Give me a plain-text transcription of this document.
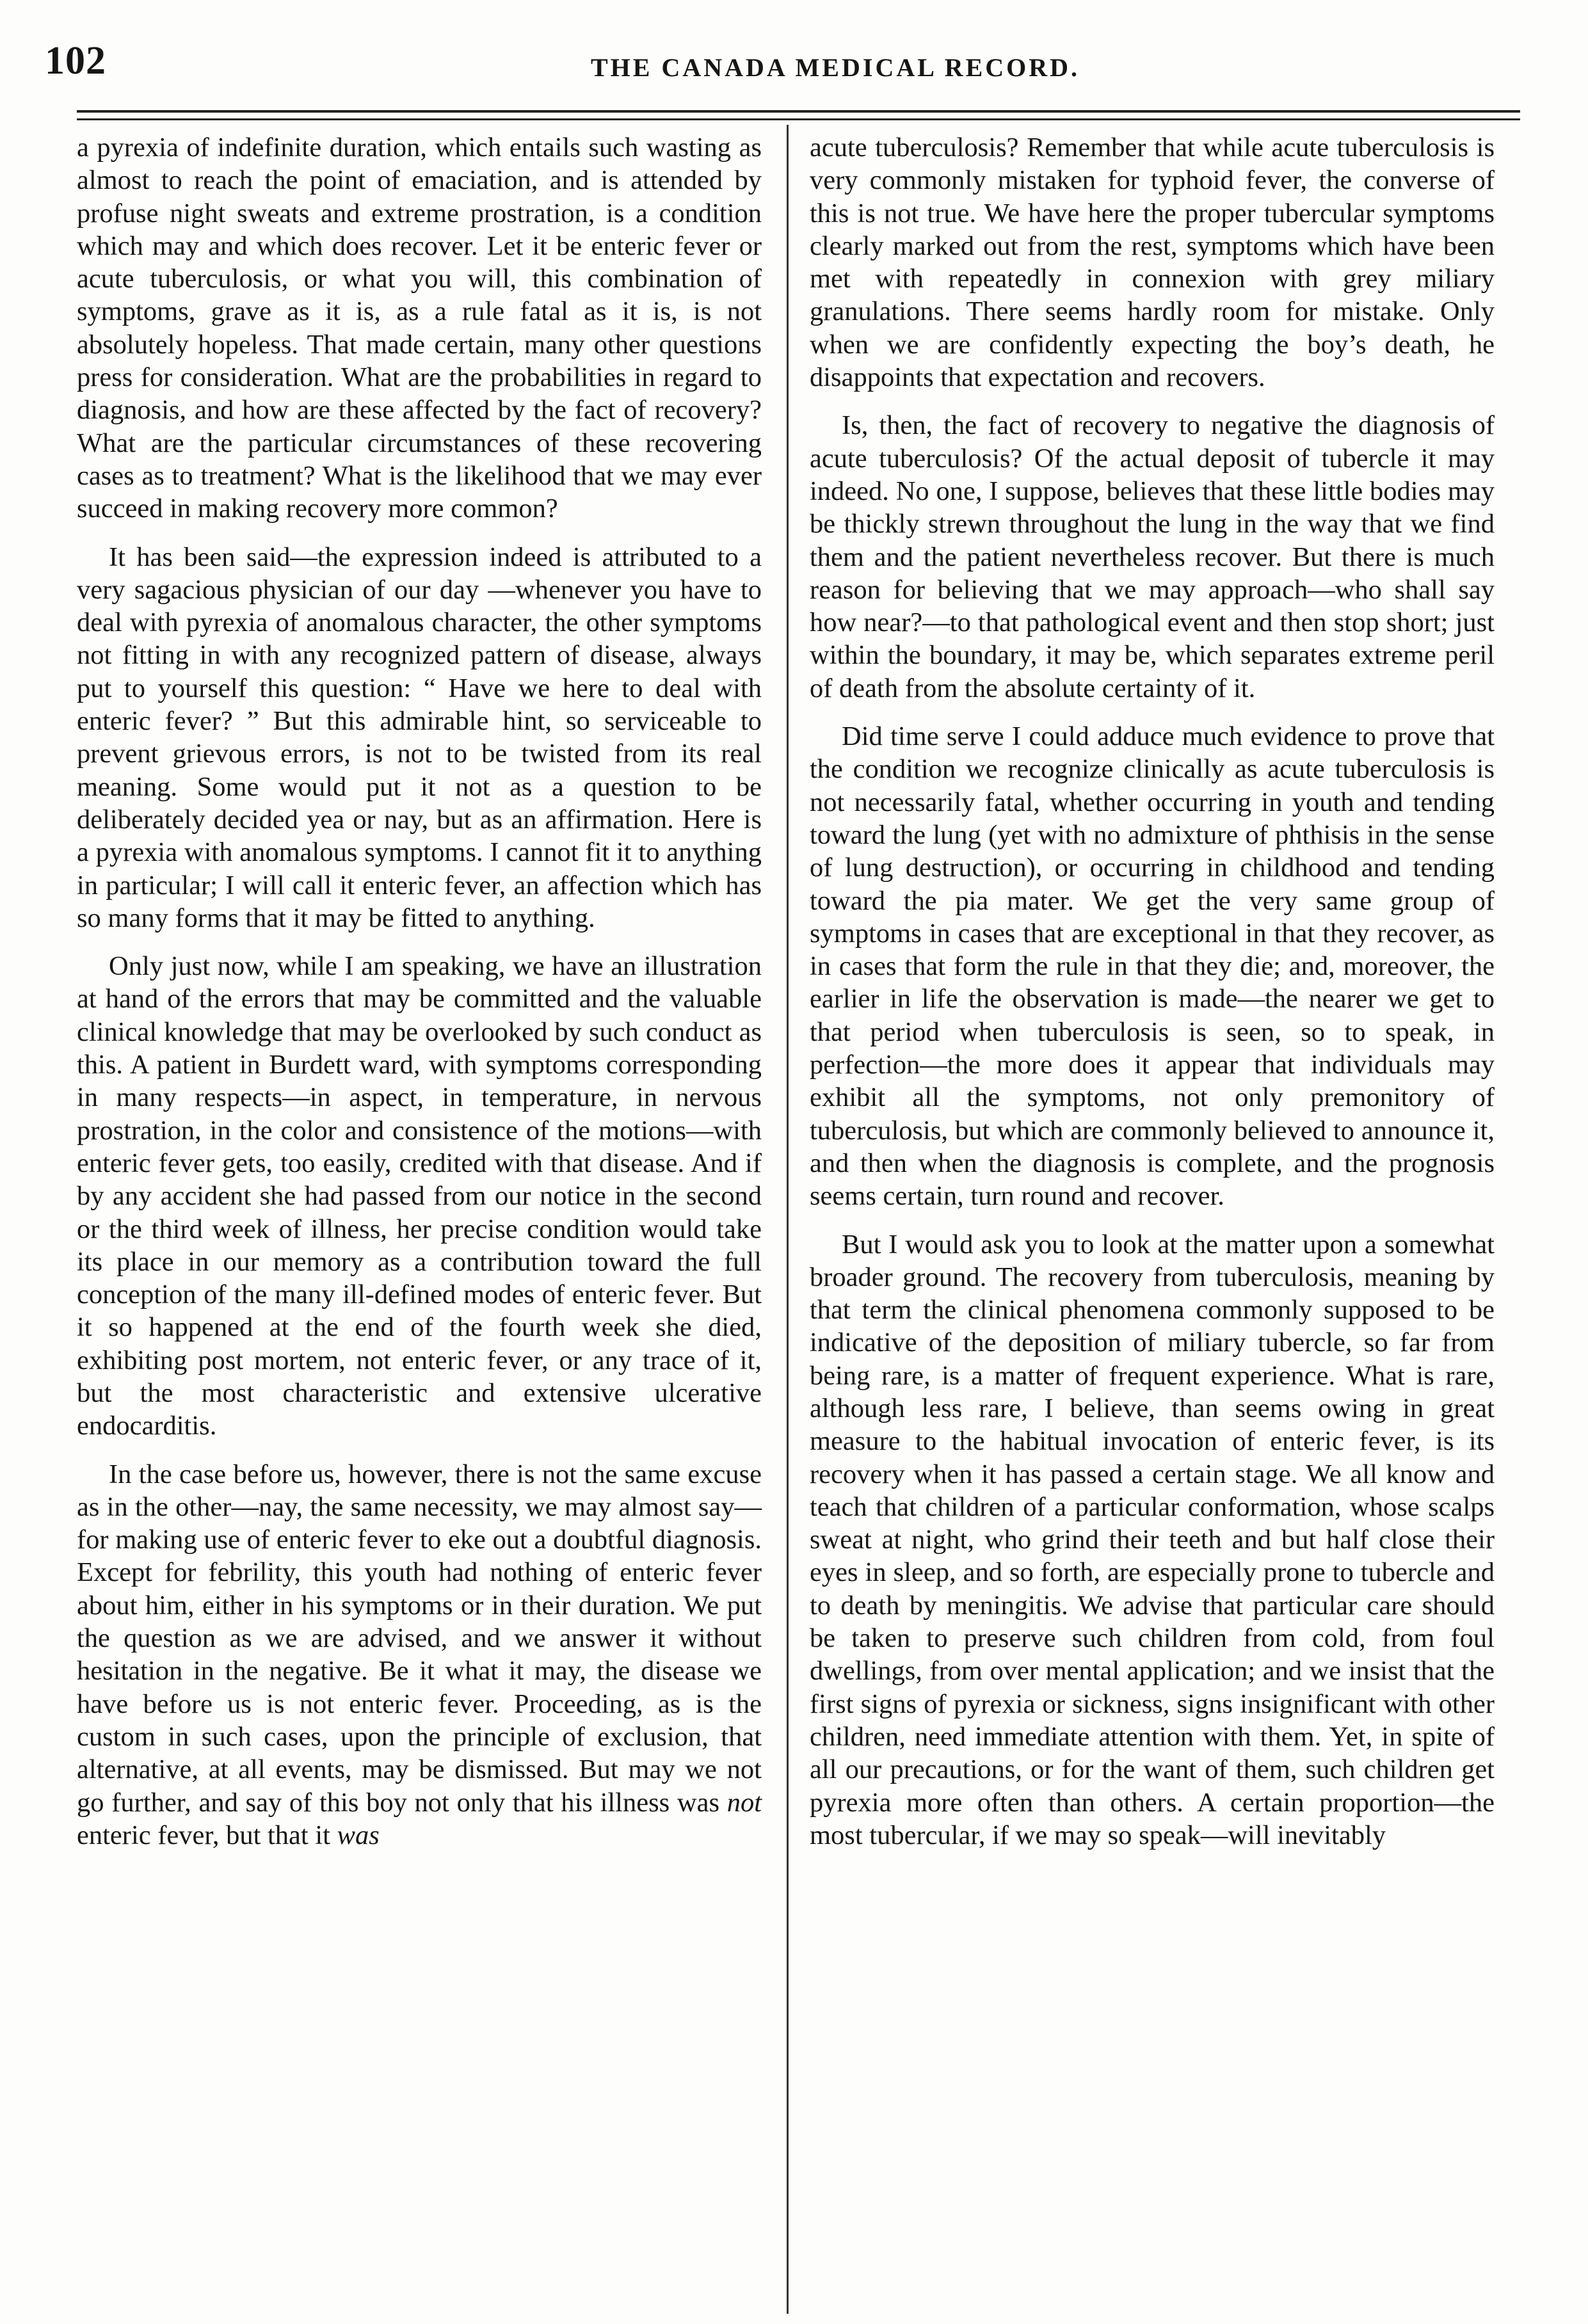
102	THE CANADA MEDICAL RECORD.

a pyrexia of indefinite duration, which entails such wasting as almost to reach the point of emaciation, and is attended by profuse night sweats and extreme prostration, is a condition which may and which does recover. Let it be enteric fever or acute tuberculosis, or what you will, this combination of symptoms, grave as it is, as a rule fatal as it is, is not absolutely hopeless. That made certain, many other questions press for consideration. What are the probabilities in regard to diagnosis, and how are these affected by the fact of recovery? What are the particular circumstances of these recovering cases as to treatment? What is the likelihood that we may ever succeed in making recovery more common?

It has been said—the expression indeed is attributed to a very sagacious physician of our day —whenever you have to deal with pyrexia of anomalous character, the other symptoms not fitting in with any recognized pattern of disease, always put to yourself this question: “ Have we here to deal with enteric fever? ” But this admirable hint, so serviceable to prevent grievous errors, is not to be twisted from its real meaning. Some would put it not as a question to be deliberately decided yea or nay, but as an affirmation. Here is a pyrexia with anomalous symptoms. I cannot fit it to anything in particular; I will call it enteric fever, an affection which has so many forms that it may be fitted to anything.

Only just now, while I am speaking, we have an illustration at hand of the errors that may be committed and the valuable clinical knowledge that may be overlooked by such conduct as this. A patient in Burdett ward, with symptoms corresponding in many respects—in aspect, in temperature, in nervous prostration, in the color and consistence of the motions—with enteric fever gets, too easily, credited with that disease. And if by any accident she had passed from our notice in the second or the third week of illness, her precise condition would take its place in our memory as a contribution toward the full conception of the many ill-defined modes of enteric fever. But it so happened at the end of the fourth week she died, exhibiting post mortem, not enteric fever, or any trace of it, but the most characteristic and extensive ulcerative endocarditis.

In the case before us, however, there is not the same excuse as in the other—nay, the same necessity, we may almost say—for making use of enteric fever to eke out a doubtful diagnosis. Except for febrility, this youth had nothing of enteric fever about him, either in his symptoms or in their duration. We put the question as we are advised, and we answer it without hesitation in the negative. Be it what it may, the disease we have before us is not enteric fever. Proceeding, as is the custom in such cases, upon the principle of exclusion, that alternative, at all events, may be dismissed. But may we not go further, and say of this boy not only that his illness was not enteric fever, but that it was

acute tuberculosis? Remember that while acute tuberculosis is very commonly mistaken for typhoid fever, the converse of this is not true. We have here the proper tubercular symptoms clearly marked out from the rest, symptoms which have been met with repeatedly in connexion with grey miliary granulations. There seems hardly room for mistake. Only when we are confidently expecting the boy’s death, he disappoints that expectation and recovers.

Is, then, the fact of recovery to negative the diagnosis of acute tuberculosis? Of the actual deposit of tubercle it may indeed. No one, I suppose, believes that these little bodies may be thickly strewn throughout the lung in the way that we find them and the patient nevertheless recover. But there is much reason for believing that we may approach—who shall say how near?—to that pathological event and then stop short; just within the boundary, it may be, which separates extreme peril of death from the absolute certainty of it.

Did time serve I could adduce much evidence to prove that the condition we recognize clinically as acute tuberculosis is not necessarily fatal, whether occurring in youth and tending toward the lung (yet with no admixture of phthisis in the sense of lung destruction), or occurring in childhood and tending toward the pia mater. We get the very same group of symptoms in cases that are exceptional in that they recover, as in cases that form the rule in that they die; and, moreover, the earlier in life the observation is made—the nearer we get to that period when tuberculosis is seen, so to speak, in perfection—the more does it appear that individuals may exhibit all the symptoms, not only premonitory of tuberculosis, but which are commonly believed to announce it, and then when the diagnosis is complete, and the prognosis seems certain, turn round and recover.

But I would ask you to look at the matter upon a somewhat broader ground. The recovery from tuberculosis, meaning by that term the clinical phenomena commonly supposed to be indicative of the deposition of miliary tubercle, so far from being rare, is a matter of frequent experience. What is rare, although less rare, I believe, than seems owing in great measure to the habitual invocation of enteric fever, is its recovery when it has passed a certain stage. We all know and teach that children of a particular conformation, whose scalps sweat at night, who grind their teeth and but half close their eyes in sleep, and so forth, are especially prone to tubercle and to death by meningitis. We advise that particular care should be taken to preserve such children from cold, from foul dwellings, from over mental application; and we insist that the first signs of pyrexia or sickness, signs insignificant with other children, need immediate attention with them. Yet, in spite of all our precautions, or for the want of them, such children get pyrexia more often than others. A certain proportion—the most tubercular, if we may so speak—will inevitably
